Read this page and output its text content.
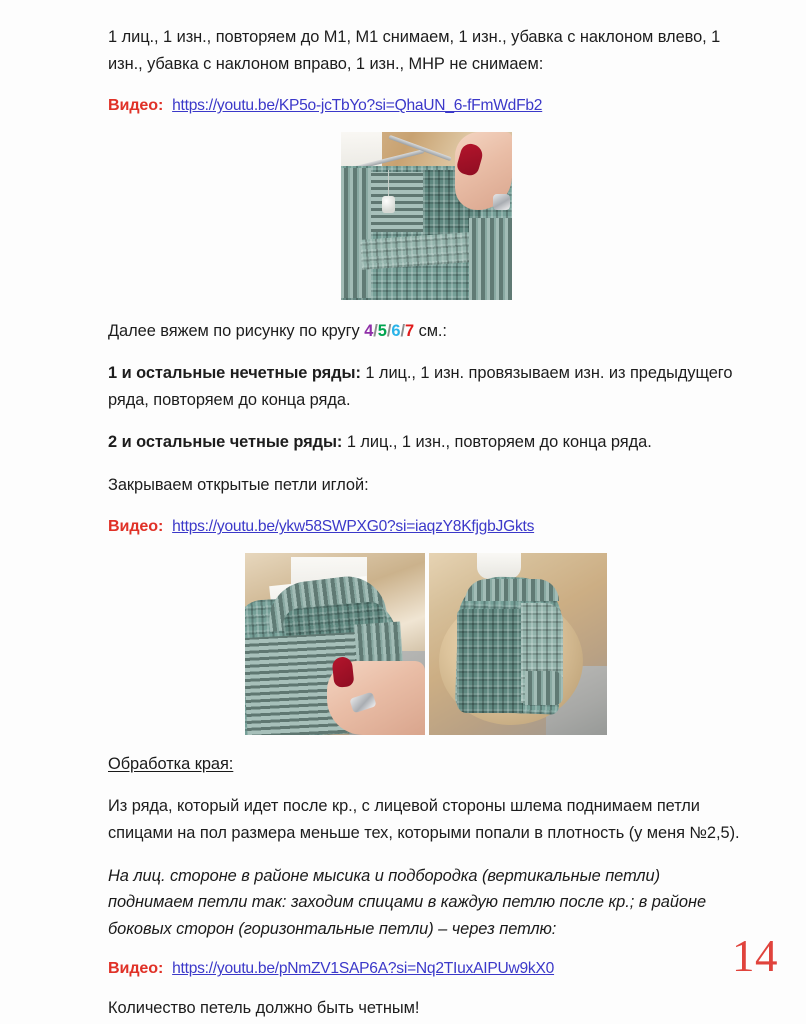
1 лиц., 1 изн., повторяем до М1, М1 снимаем, 1 изн., убавка с наклоном влево, 1 изн., убавка с наклоном вправо, 1 изн., МНР не снимаем:

Видео: https://youtu.be/KP5o-jcTbYo?si=QhaUN_6-fFmWdFb2

Далее вяжем по рисунку по кругу 4/5/6/7 см.:

1 и остальные нечетные ряды: 1 лиц., 1 изн. провязываем изн. из предыдущего ряда, повторяем до конца ряда.

2 и остальные четные ряды: 1 лиц., 1 изн., повторяем до конца ряда.

Закрываем открытые петли иглой:

Видео: https://youtu.be/ykw58SWPXG0?si=iaqzY8KfjgbJGkts

Обработка края:

Из ряда, который идет после кр., с лицевой стороны шлема поднимаем петли спицами на пол размера меньше тех, которыми попали в плотность (у меня №2,5).

На лиц. стороне в районе мысика и подбородка (вертикальные петли) поднимаем петли так: заходим спицами в каждую петлю после кр.; в районе боковых сторон (горизонтальные петли) – через петлю:

Видео: https://youtu.be/pNmZV1SAP6A?si=Nq2TIuxAIPUw9kX0

Количество петель должно быть четным!

14
